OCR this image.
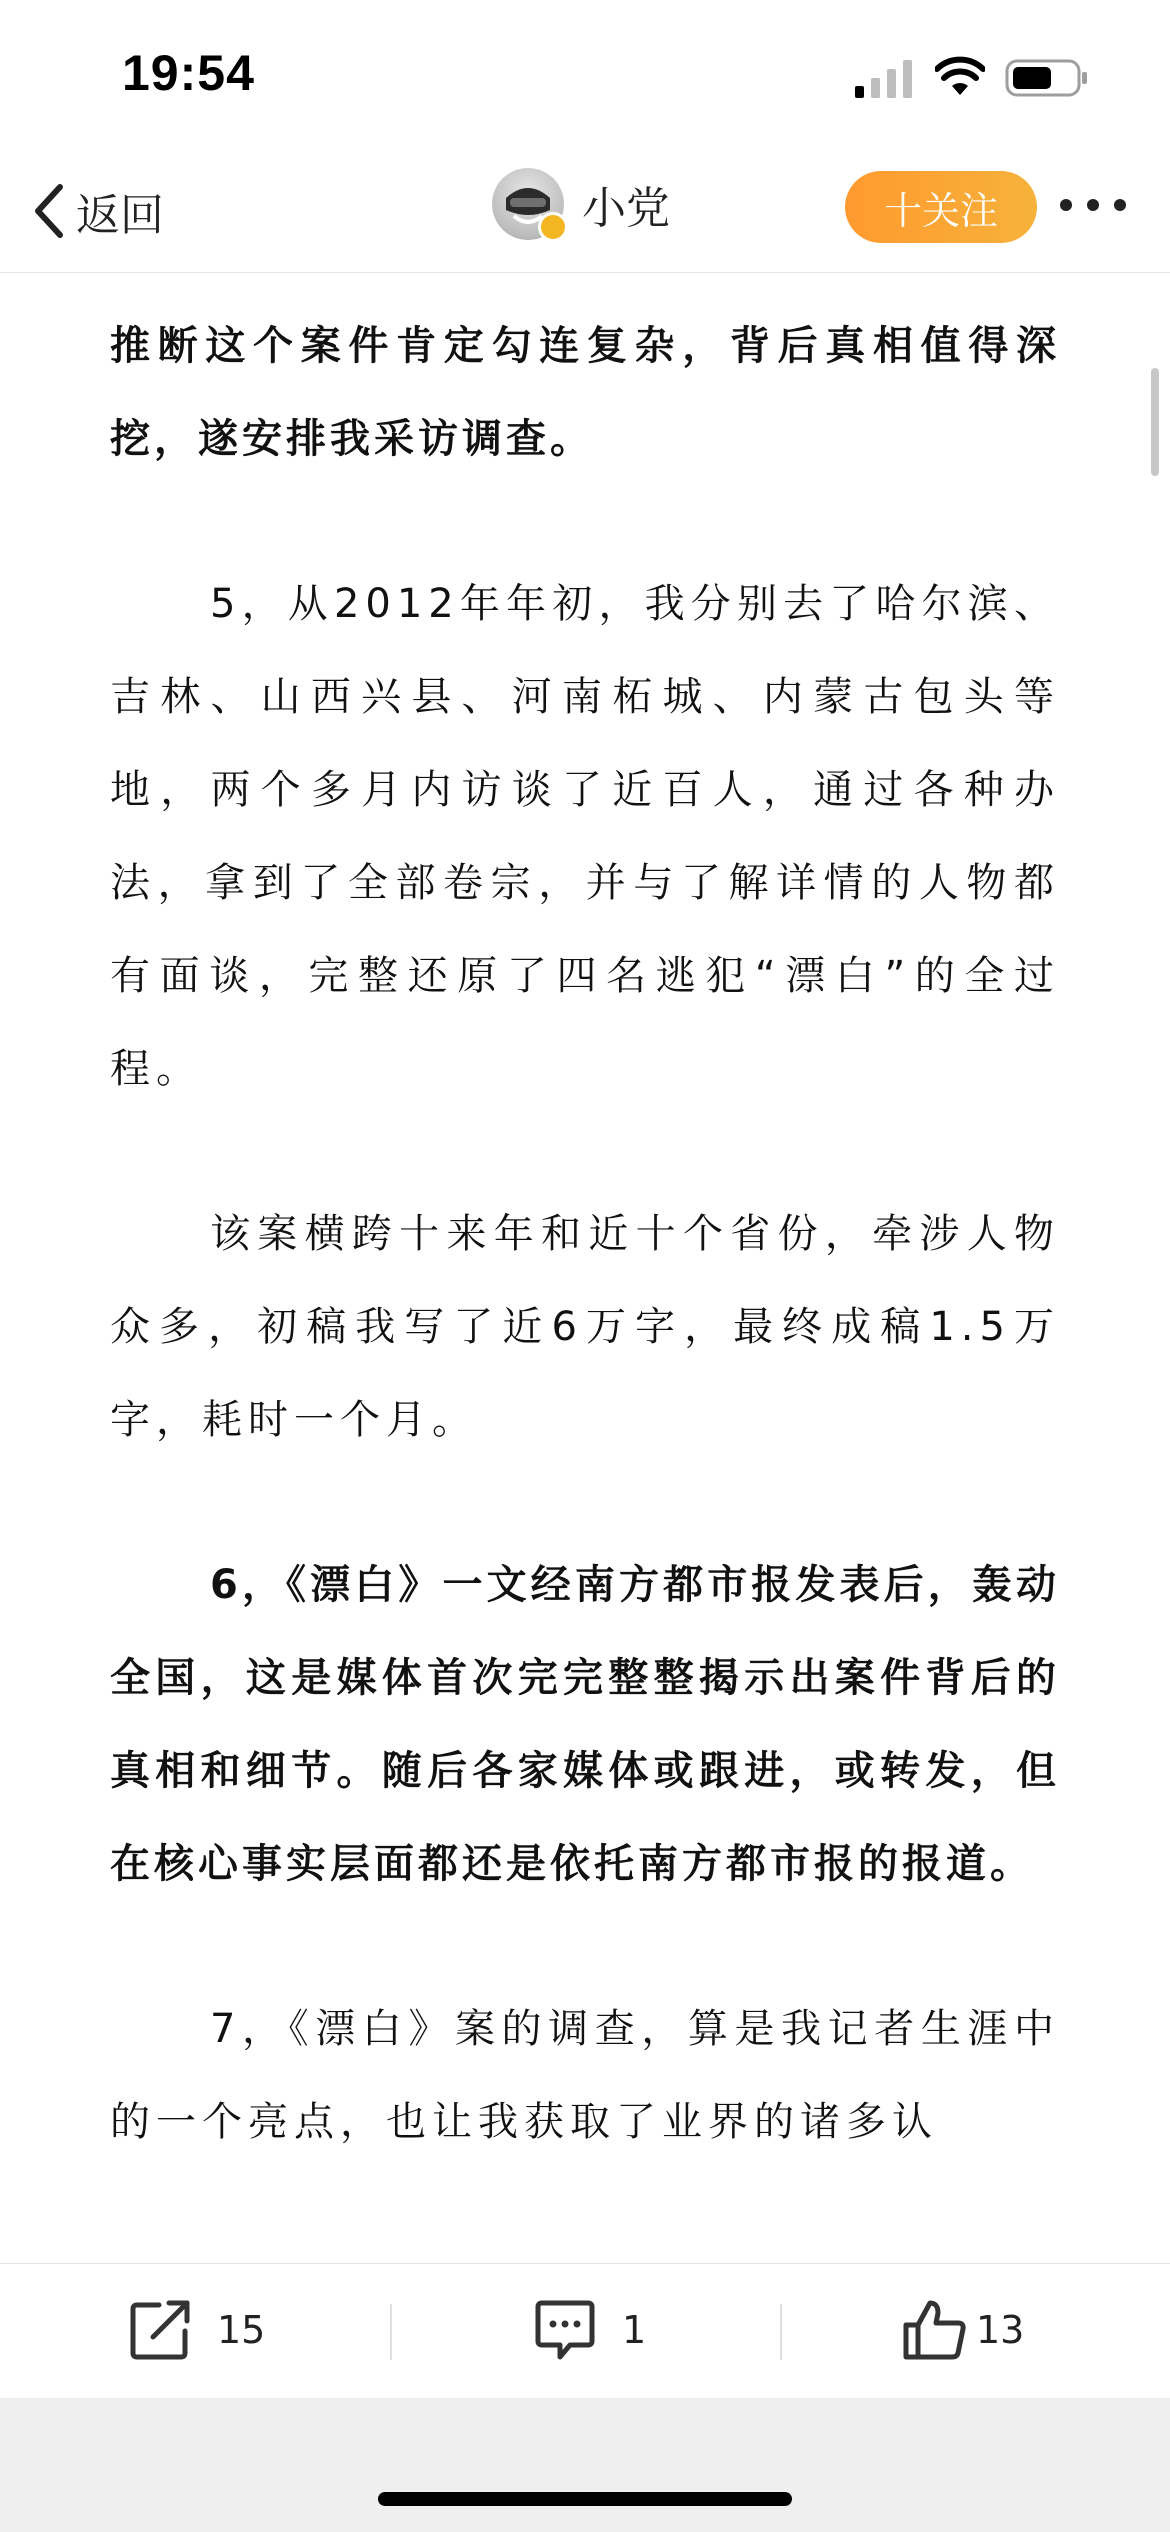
19:54
返回	小党	十关注

推断这个案件肯定勾连复杂，背后真相值得深挖，遂安排我采访调查。

5，从2012年年初，我分别去了哈尔滨、吉林、山西兴县、河南柘城、内蒙古包头等地，两个多月内访谈了近百人，通过各种办法，拿到了全部卷宗，并与了解详情的人物都有面谈，完整还原了四名逃犯“漂白”的全过程。

该案横跨十来年和近十个省份，牵涉人物众多，初稿我写了近6万字，最终成稿1.5万字，耗时一个月。

6，《漂白》一文经南方都市报发表后，轰动全国，这是媒体首次完完整整揭示出案件背后的真相和细节。随后各家媒体或跟进，或转发，但在核心事实层面都还是依托南方都市报的报道。

7，《漂白》案的调查，算是我记者生涯中的一个亮点，也让我获取了业界的诸多认

15	1	13
